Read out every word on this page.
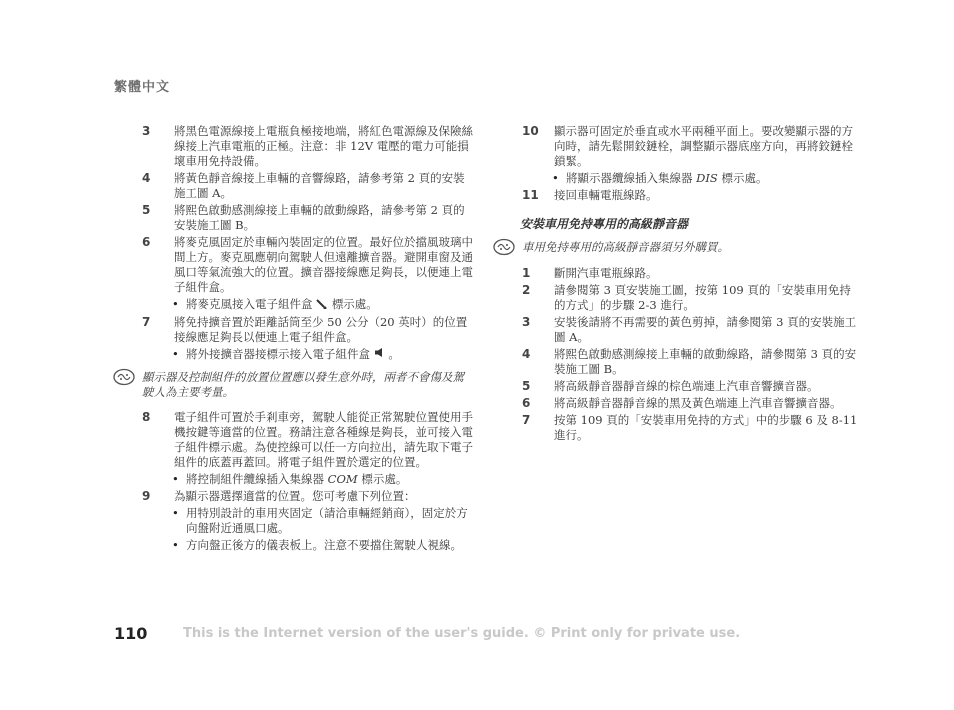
繁體中文
3	將黑色電源線接上電瓶負極接地端，將紅色電源線及保險絲線接上汽車電瓶的正極。注意：非 12V 電壓的電力可能損壞車用免持設備。
4	將黃色靜音線接上車輛的音響線路，請參考第 2 頁的安裝施工圖 A。
5	將熙色啟動感測線接上車輛的啟動線路，請參考第 2 頁的安裝施工圖 B。
6	將麥克風固定於車輛內裝固定的位置。最好位於擋風玻璃中間上方。麥克風應朝向駕駛人但遠離擴音器。避開車窗及通風口等氣流強大的位置。擴音器接線應足夠長，以便連上電子組件盒。
• 將麥克風接入電子組件盒 標示處。
7	將免持擴音置於距離話筒至少 50 公分（20 英吋）的位置接線應足夠長以便連上電子組件盒。
• 將外接擴音器接標示接入電子組件盒 。
顯示器及控制組件的放置位置應以發生意外時，兩者不會傷及駕駛人為主要考量。
8	電子組件可置於手剎車旁，駕駛人能從正常駕駛位置使用手機按鍵等適當的位置。務請注意各種線是夠長，並可接入電子組件標示處。為使控線可以任一方向拉出，請先取下電子組件的底蓋再蓋回。將電子組件置於選定的位置。
• 將控制組件纜線插入集線器 COM 標示處。
9	為顯示器選擇適當的位置。您可考慮下列位置：
• 用特別設計的車用夾固定（請洽車輛經銷商），固定於方向盤附近通風口處。
• 方向盤正後方的儀表板上。注意不要擋住駕駛人視線。
10	顯示器可固定於垂直或水平兩種平面上。要改變顯示器的方向時，請先鬆開鉸鏈栓，調整顯示器底座方向，再將鉸鏈栓鎖緊。
• 將顯示器纜線插入集線器 DIS 標示處。
11	接回車輛電瓶線路。
安裝車用免持專用的高級靜音器
車用免持專用的高級靜音器須另外購買。
1	斷開汽車電瓶線路。
2	請參閱第 3 頁安裝施工圖，按第 109 頁的「安裝車用免持的方式」的步驟 2-3 進行。
3	安裝後請將不再需要的黃色剪掉，請參閱第 3 頁的安裝施工圖 A。
4	將熙色啟動感測線接上車輛的啟動線路，請參閱第 3 頁的安裝施工圖 B。
5	將高級靜音器靜音線的棕色端連上汽車音響擴音器。
6	將高級靜音器靜音線的黑及黃色端連上汽車音響擴音器。
7	按第 109 頁的「安裝車用免持的方式」中的步驟 6 及 8-11 進行。
110	This is the Internet version of the user's guide. © Print only for private use.
